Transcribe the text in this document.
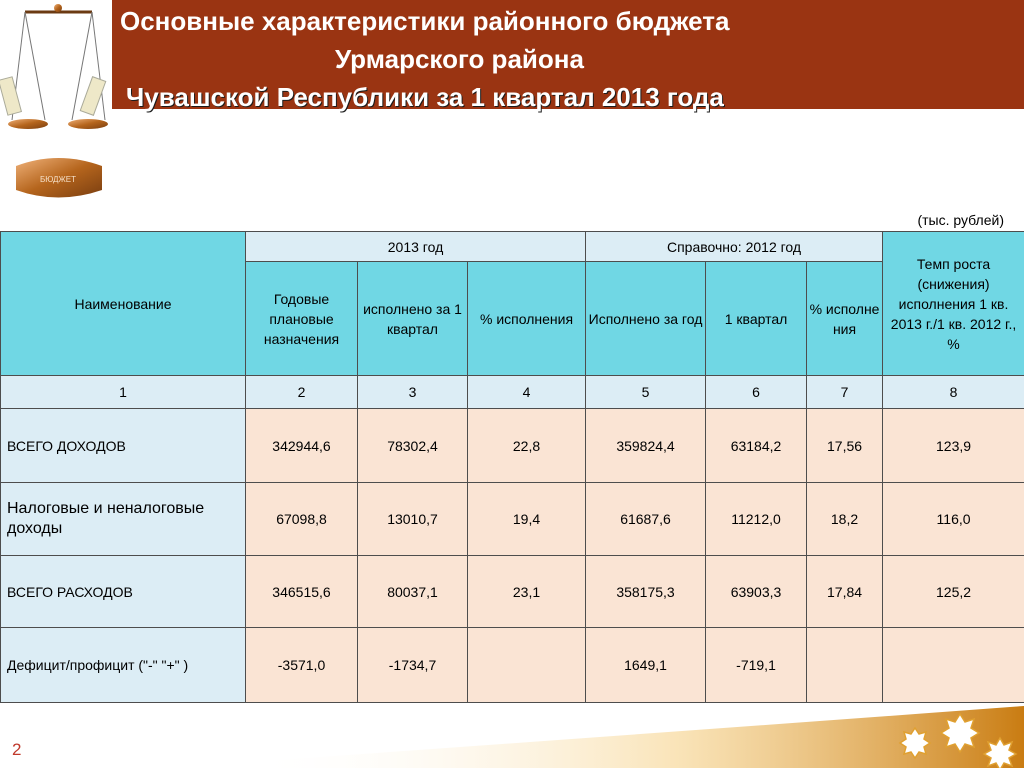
Основные характеристики районного бюджета
Урмарского района
Чувашской Республики за 1 квартал 2013 года
БЮДЖЕТ
(тыс. рублей)
Наименование	2013 год			Справочно: 2012 год			Темп роста (снижения) исполнения 1 кв. 2013 г./1 кв. 2012 г., %
	Годовые плановые назначения	исполнено за 1 квартал	% исполнения	Исполнено за год	1 квартал	% исполне ния	
1	2	3	4	5	6	7	8
ВСЕГО ДОХОДОВ	342944,6	78302,4	22,8	359824,4	63184,2	17,56	123,9
Налоговые и неналоговые доходы	67098,8	13010,7	19,4	61687,6	11212,0	18,2	116,0
ВСЕГО РАСХОДОВ	346515,6	80037,1	23,1	358175,3	63903,3	17,84	125,2
Дефицит/профицит ("-" "+" )	-3571,0	-1734,7		1649,1	-719,1		
2
